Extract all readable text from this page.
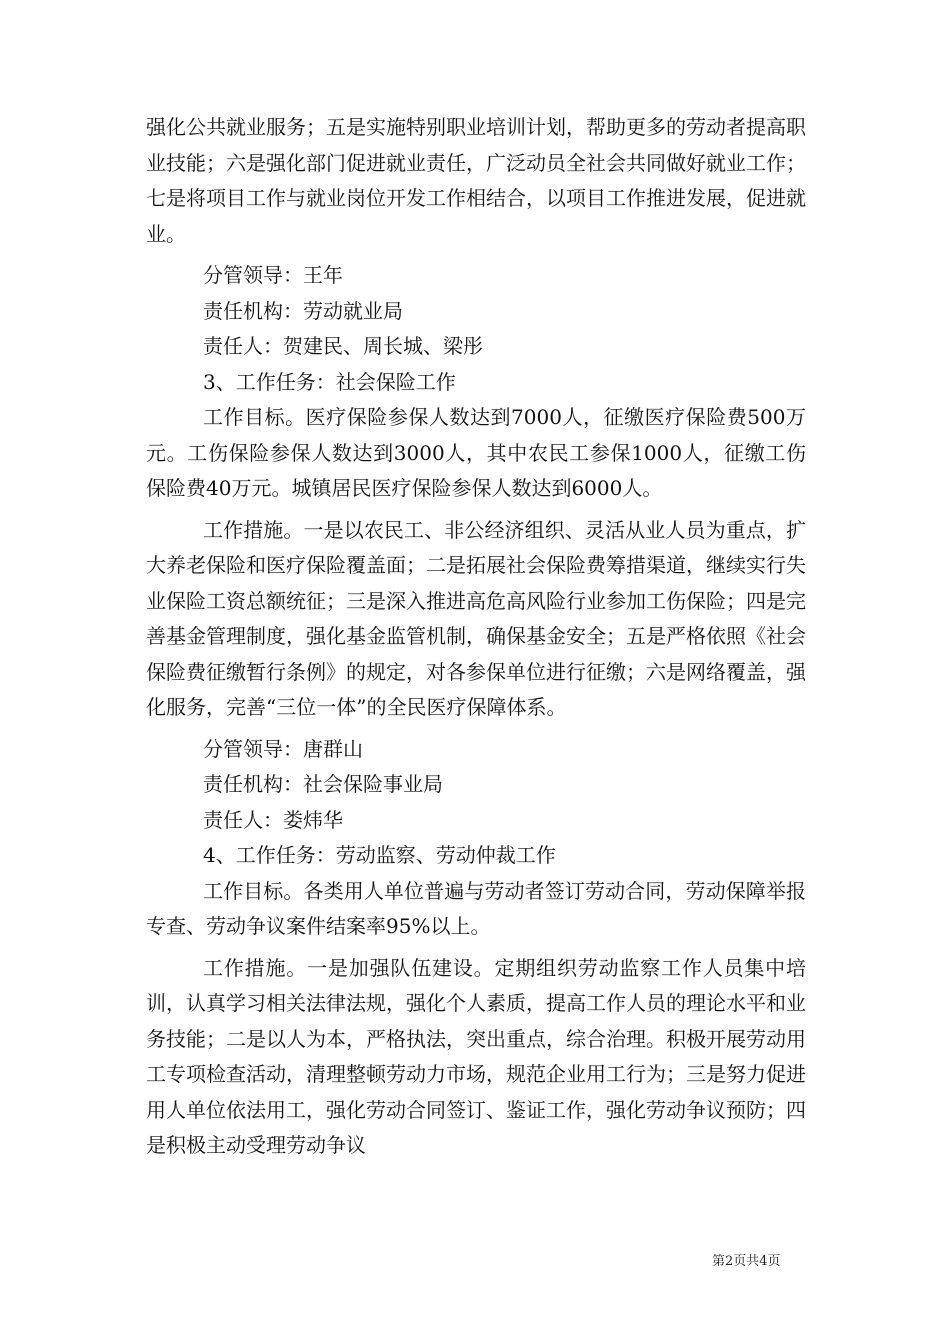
强化公共就业服务；五是实施特别职业培训计划，帮助更多的劳动者提高职业技能；六是强化部门促进就业责任，广泛动员全社会共同做好就业工作；七是将项目工作与就业岗位开发工作相结合，以项目工作推进发展，促进就业。

分管领导：王年

责任机构：劳动就业局

责任人：贺建民、周长城、梁彤

3、工作任务：社会保险工作

工作目标。医疗保险参保人数达到7000人，征缴医疗保险费500万元。工伤保险参保人数达到3000人，其中农民工参保1000人，征缴工伤保险费40万元。城镇居民医疗保险参保人数达到6000人。

工作措施。一是以农民工、非公经济组织、灵活从业人员为重点，扩大养老保险和医疗保险覆盖面；二是拓展社会保险费筹措渠道，继续实行失业保险工资总额统征；三是深入推进高危高风险行业参加工伤保险；四是完善基金管理制度，强化基金监管机制，确保基金安全；五是严格依照《社会保险费征缴暂行条例》的规定，对各参保单位进行征缴；六是网络覆盖，强化服务，完善“三位一体”的全民医疗保障体系。

分管领导：唐群山

责任机构：社会保险事业局

责任人：娄炜华

4、工作任务：劳动监察、劳动仲裁工作

工作目标。各类用人单位普遍与劳动者签订劳动合同，劳动保障举报专查、劳动争议案件结案率95%以上。

工作措施。一是加强队伍建设。定期组织劳动监察工作人员集中培训，认真学习相关法律法规，强化个人素质，提高工作人员的理论水平和业务技能；二是以人为本，严格执法，突出重点，综合治理。积极开展劳动用工专项检查活动，清理整顿劳动力市场，规范企业用工行为；三是努力促进用人单位依法用工，强化劳动合同签订、鉴证工作，强化劳动争议预防；四是积极主动受理劳动争议

第2页共4页
